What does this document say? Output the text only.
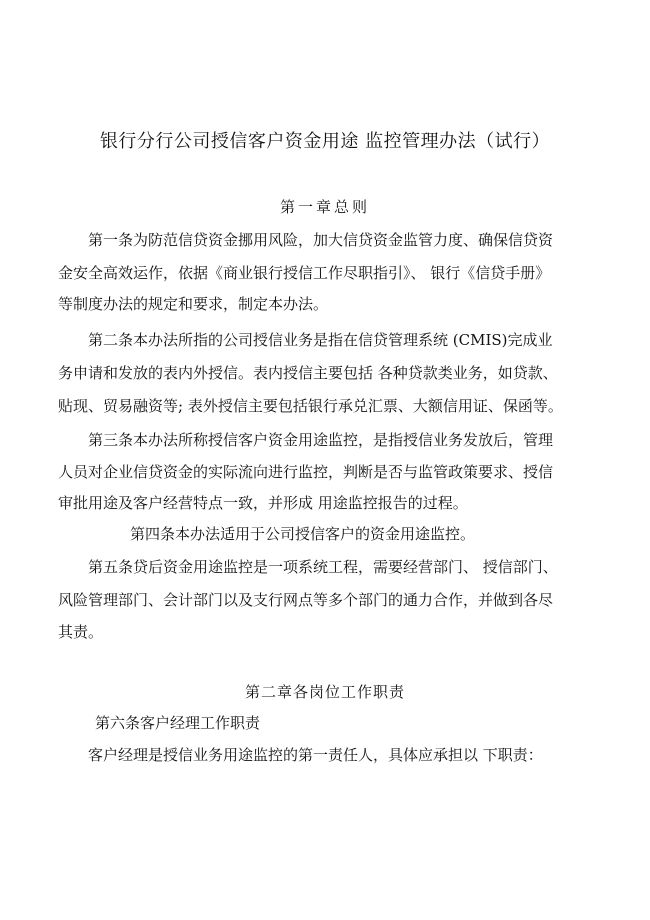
银行分行公司授信客户资金用途 监控管理办法（试行）
第一章总则
第一条为防范信贷资金挪用风险，加大信贷资金监管力度、确保信贷资
金安全高效运作，依据《商业银行授信工作尽职指引》、 银行《信贷手册》
等制度办法的规定和要求，制定本办法。
第二条本办法所指的公司授信业务是指在信贷管理系统 (CMIS)完成业
务申请和发放的表内外授信。表内授信主要包括 各种贷款类业务，如贷款、
贴现、贸易融资等; 表外授信主要包括银行承兑汇票、大额信用证、保函等。
第三条本办法所称授信客户资金用途监控，是指授信业务发放后，管理
人员对企业信贷资金的实际流向进行监控，判断是否与监管政策要求、授信
审批用途及客户经营特点一致，并形成 用途监控报告的过程。
第四条本办法适用于公司授信客户的资金用途监控。
第五条贷后资金用途监控是一项系统工程，需要经营部门、 授信部门、
风险管理部门、会计部门以及支行网点等多个部门的通力合作，并做到各尽
其责。
第二章各岗位工作职责
第六条客户经理工作职责
客户经理是授信业务用途监控的第一责任人，具体应承担以 下职责：
